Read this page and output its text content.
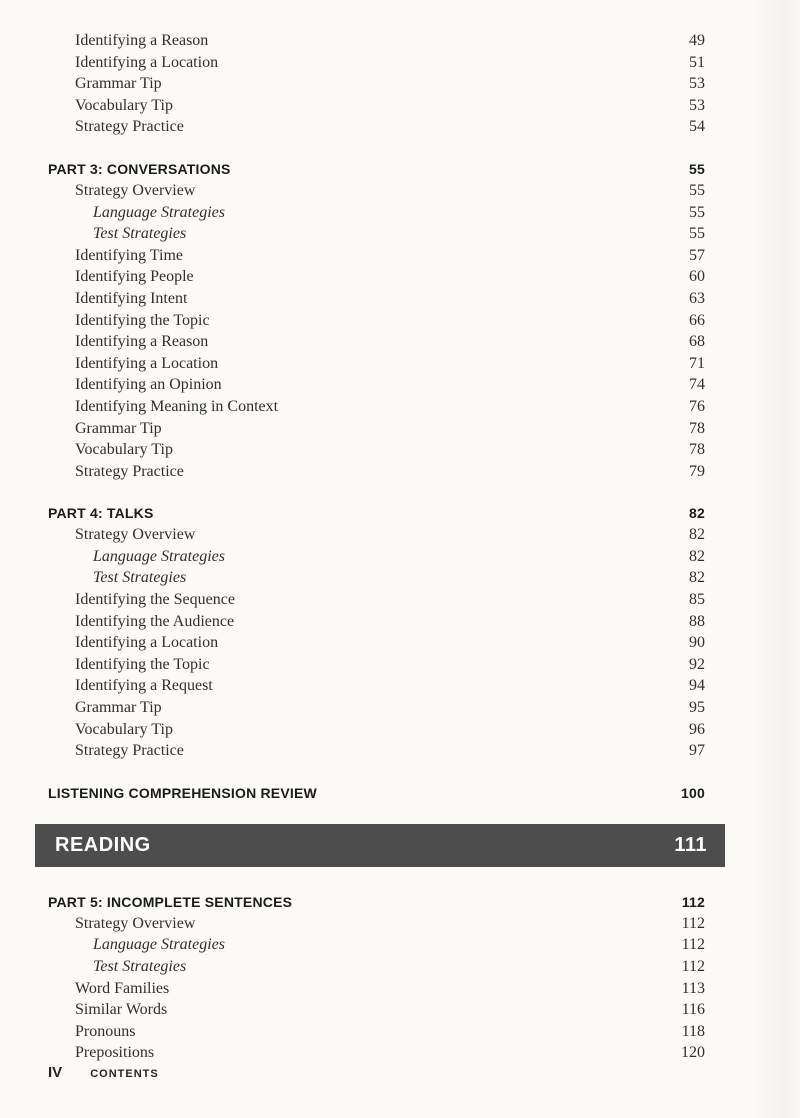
Identifying a Reason	49
Identifying a Location	51
Grammar Tip	53
Vocabulary Tip	53
Strategy Practice	54
PART 3: CONVERSATIONS	55
Strategy Overview	55
Language Strategies	55
Test Strategies	55
Identifying Time	57
Identifying People	60
Identifying Intent	63
Identifying the Topic	66
Identifying a Reason	68
Identifying a Location	71
Identifying an Opinion	74
Identifying Meaning in Context	76
Grammar Tip	78
Vocabulary Tip	78
Strategy Practice	79
PART 4: TALKS	82
Strategy Overview	82
Language Strategies	82
Test Strategies	82
Identifying the Sequence	85
Identifying the Audience	88
Identifying a Location	90
Identifying the Topic	92
Identifying a Request	94
Grammar Tip	95
Vocabulary Tip	96
Strategy Practice	97
LISTENING COMPREHENSION REVIEW	100
READING	111
PART 5: INCOMPLETE SENTENCES	112
Strategy Overview	112
Language Strategies	112
Test Strategies	112
Word Families	113
Similar Words	116
Pronouns	118
Prepositions	120
IV	CONTENTS
